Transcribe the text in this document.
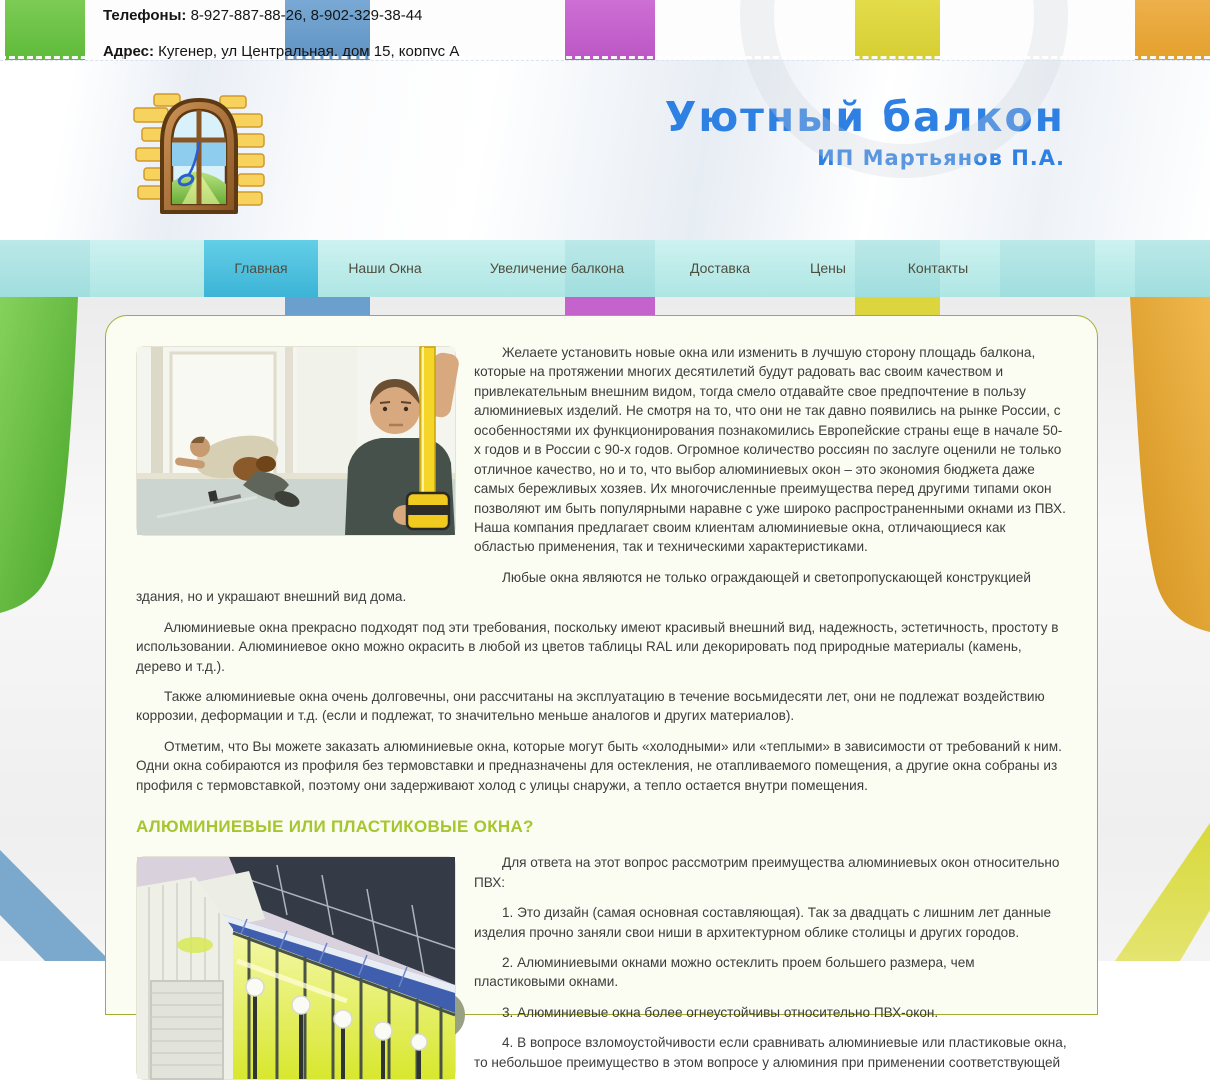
Телефоны: 8-927-887-88-26, 8-902-329-38-44
Адрес: Кугенер, ул Центральная, дом 15, корпус А
Уютный балкон
ИП Мартьянов П.А.
Главная	Наши Окна	Увеличение балкона	Доставка	Цены	Контакты

Желаете установить новые окна или изменить в лучшую сторону площадь балкона, которые на протяжении многих десятилетий будут радовать вас своим качеством и привлекательным внешним видом, тогда смело отдавайте свое предпочтение в пользу алюминиевых изделий. Не смотря на то, что они не так давно появились на рынке России, с особенностями их функционирования познакомились Европейские страны еще в начале 50-х годов и в России с 90-х годов. Огромное количество россиян по заслуге оценили не только отличное качество, но и то, что выбор алюминиевых окон – это экономия бюджета даже самых бережливых хозяев. Их многочисленные преимущества перед другими типами окон позволяют им быть популярными наравне с уже широко распространенными окнами из ПВХ. Наша компания предлагает своим клиентам алюминиевые окна, отличающиеся как областью применения, так и техническими характеристиками.

Любые окна являются не только ограждающей и светопропускающей конструкцией здания, но и украшают внешний вид дома.

Алюминиевые окна прекрасно подходят под эти требования, поскольку имеют красивый внешний вид, надежность, эстетичность, простоту в использовании. Алюминиевое окно можно окрасить в любой из цветов таблицы RAL или декорировать под природные материалы (камень, дерево и т.д.).

Также алюминиевые окна очень долговечны, они рассчитаны на эксплуатацию в течение восьмидесяти лет, они не подлежат воздействию коррозии, деформации и т.д. (если и подлежат, то значительно меньше аналогов и других материалов).

Отметим, что Вы можете заказать алюминиевые окна, которые могут быть «холодными» или «теплыми» в зависимости от требований к ним. Одни окна собираются из профиля без термовставки и предназначены для остекления, не отапливаемого помещения, а другие окна собраны из профиля с термовставкой, поэтому они задерживают холод с улицы снаружи, а тепло остается внутри помещения.

АЛЮМИНИЕВЫЕ ИЛИ ПЛАСТИКОВЫЕ ОКНА?

Для ответа на этот вопрос рассмотрим преимущества алюминиевых окон относительно ПВХ:

1. Это дизайн (самая основная составляющая). Так за двадцать с лишним лет данные изделия прочно заняли свои ниши в архитектурном облике столицы и других городов.

2. Алюминиевыми окнами можно остеклить проем большего размера, чем пластиковыми окнами.

3. Алюминиевые окна более огнеустойчивы относительно ПВХ-окон.

4. В вопросе взломоустойчивости если сравнивать алюминиевые или пластиковые окна, то небольшое преимущество в этом вопросе у алюминия при применении соответствующей
